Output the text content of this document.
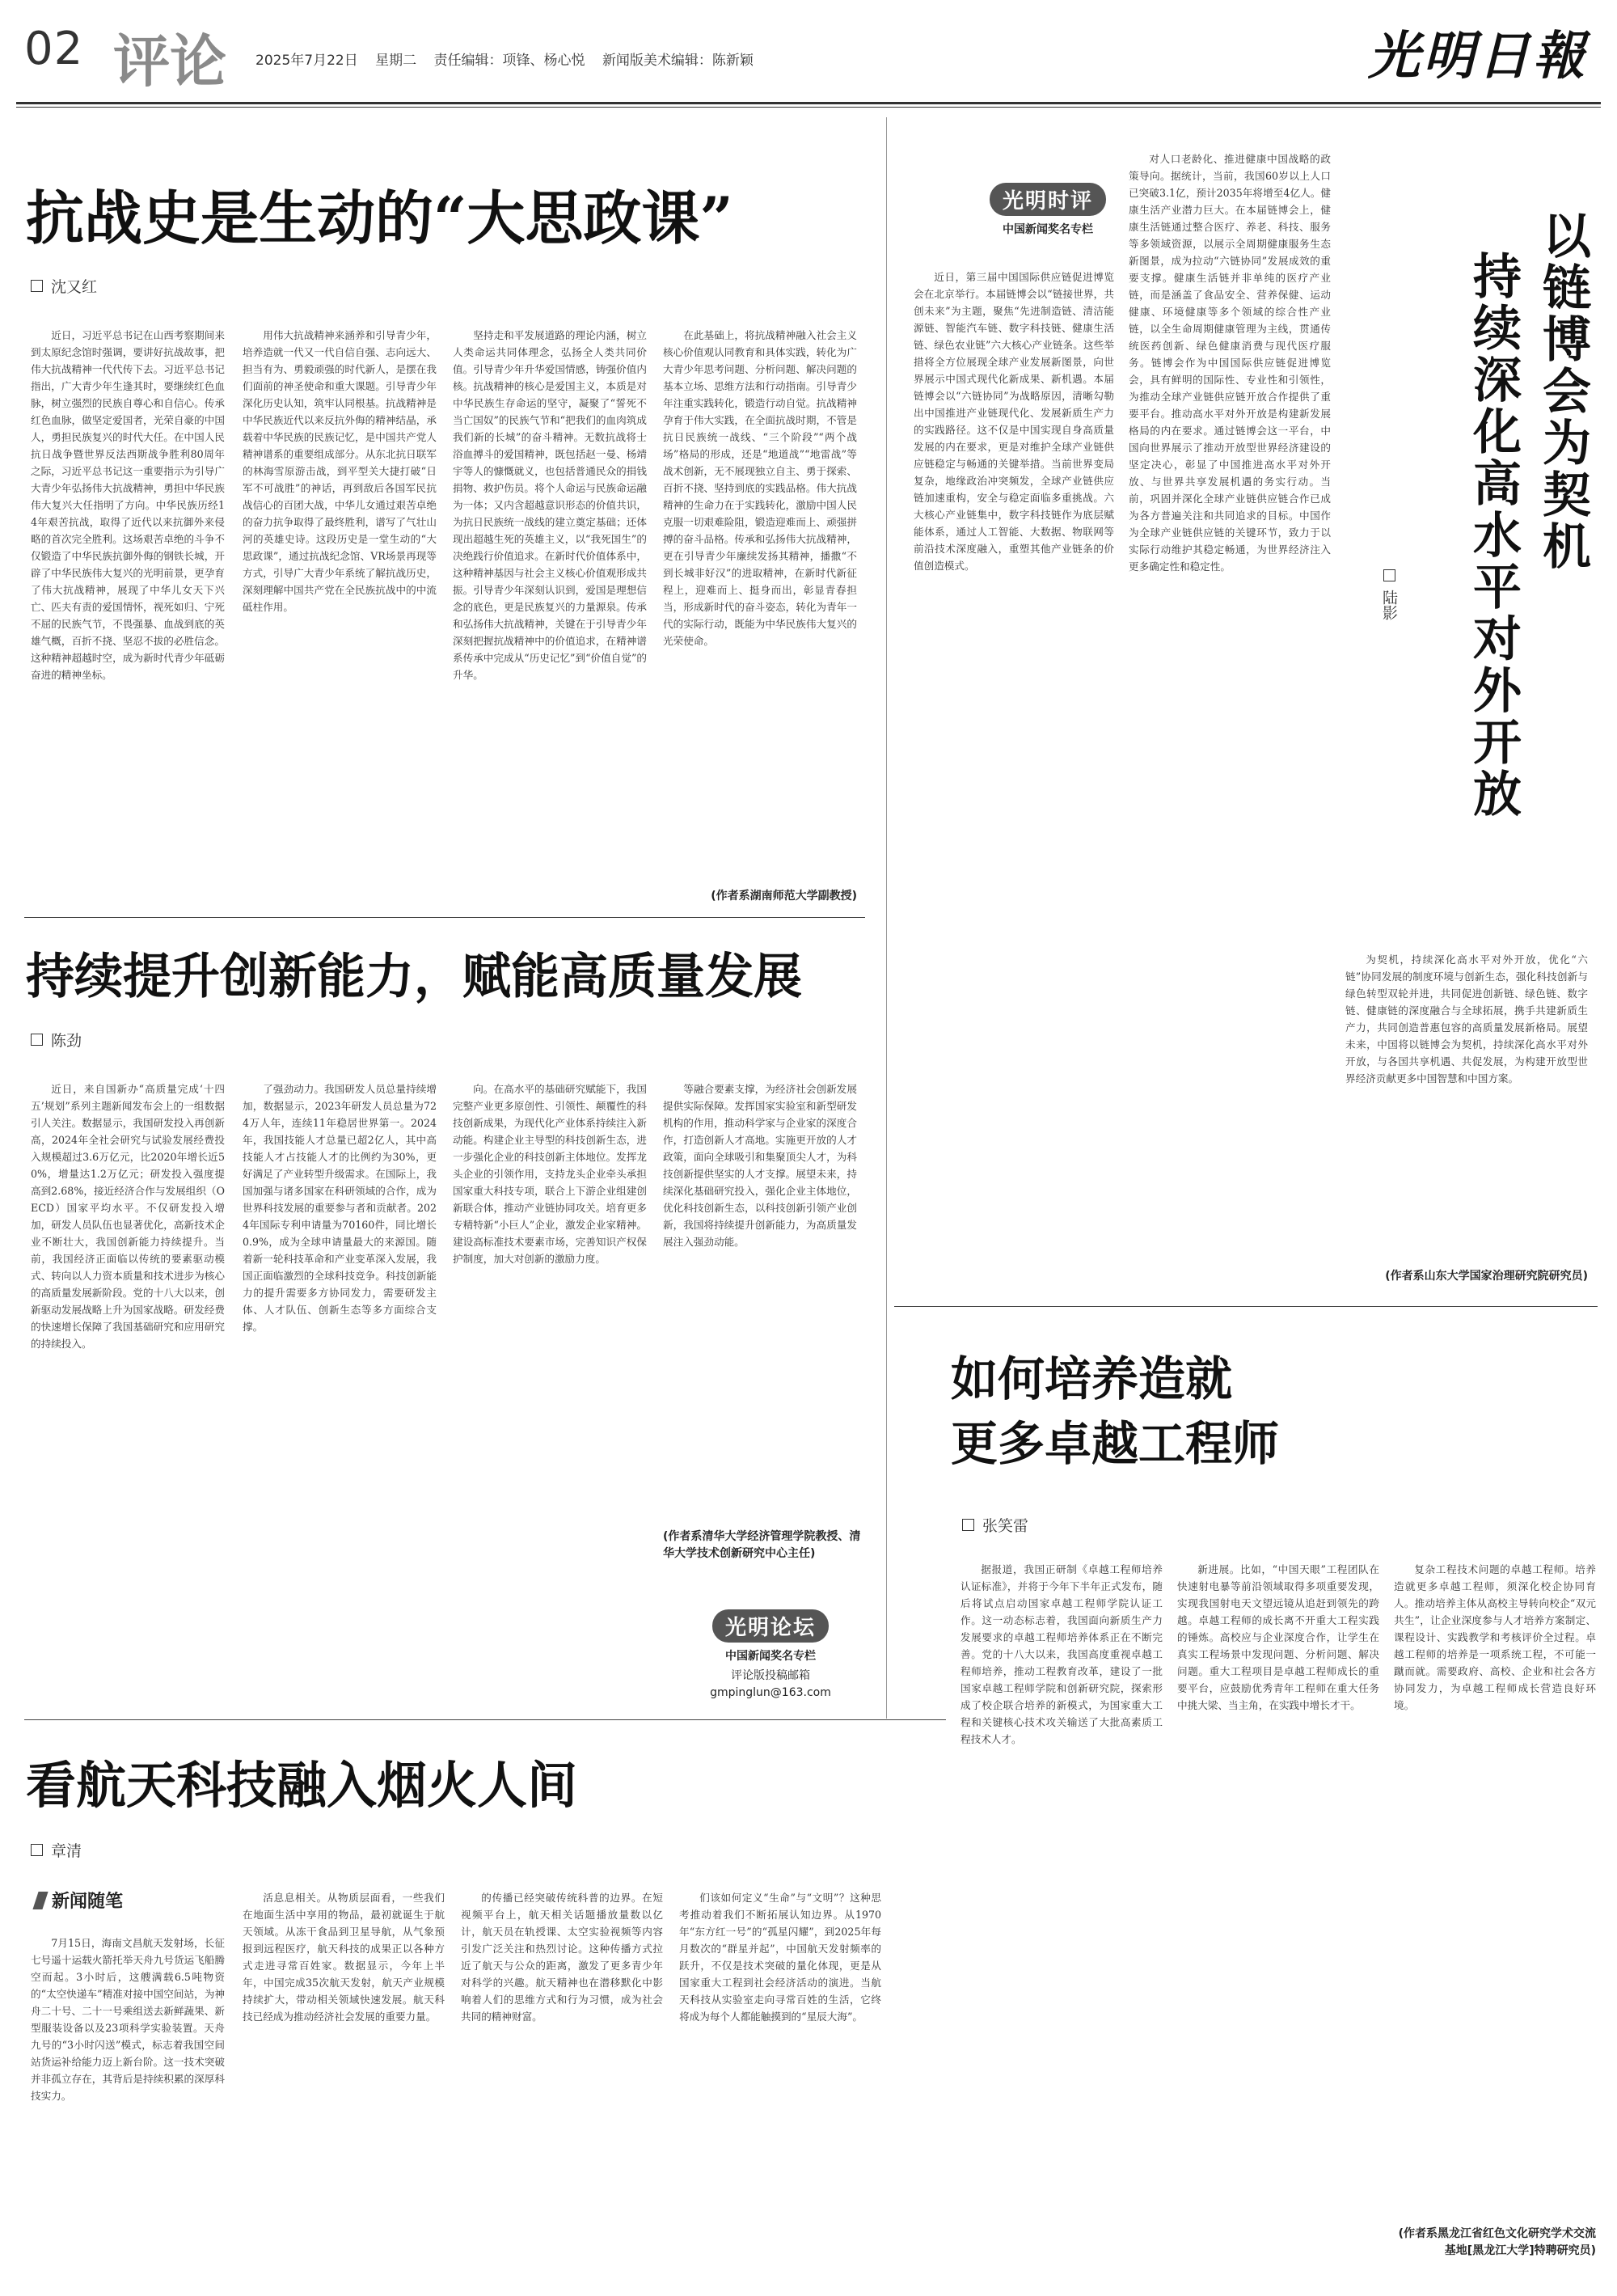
02 评论 2025年7月22日 星期二 责任编辑：项锋、杨心悦 新闻版美术编辑：陈新颖	光明日報
抗战史是生动的“大思政课”
沈又红

近日，习近平总书记在山西考察期间来到太原纪念馆时强调，要讲好抗战故事，把伟大抗战精神一代代传下去。习近平总书记指出，广大青少年生逢其时，要继续红色血脉，树立强烈的民族自尊心和自信心。传承红色血脉，做坚定爱国者，光荣自豪的中国人，勇担民族复兴的时代大任。在中国人民抗日战争暨世界反法西斯战争胜利80周年之际，习近平总书记这一重要指示为引导广大青少年弘扬伟大抗战精神，勇担中华民族伟大复兴大任指明了方向。中华民族历经14年艰苦抗战，取得了近代以来抗御外来侵略的首次完全胜利。这场艰苦卓绝的斗争不仅锻造了中华民族抗御外侮的钢铁长城，开辟了中华民族伟大复兴的光明前景，更孕育了伟大抗战精神，展现了中华儿女天下兴亡、匹夫有责的爱国情怀，视死如归、宁死不屈的民族气节，不畏强暴、血战到底的英雄气概，百折不挠、坚忍不拔的必胜信念。这种精神超越时空，成为新时代青少年砥砺奋进的精神坐标。

用伟大抗战精神来涵养和引导青少年，培养造就一代又一代自信自强、志向远大、担当有为、勇毅顽强的时代新人，是摆在我们面前的神圣使命和重大课题。引导青少年深化历史认知，筑牢认同根基。抗战精神是中华民族近代以来反抗外侮的精神结晶，承载着中华民族的民族记忆，是中国共产党人精神谱系的重要组成部分。从东北抗日联军的林海雪原游击战，到平型关大捷打破“日军不可战胜”的神话，再到敌后各国军民抗战信心的百团大战，中华儿女通过艰苦卓绝的奋力抗争取得了最终胜利，谱写了气壮山河的英雄史诗。这段历史是一堂生动的“大思政课”，通过抗战纪念馆、VR场景再现等方式，引导广大青少年系统了解抗战历史，深刻理解中国共产党在全民族抗战中的中流砥柱作用。

坚持走和平发展道路的理论内涵，树立人类命运共同体理念，弘扬全人类共同价值。引导青少年升华爱国情感，铸强价值内核。抗战精神的核心是爱国主义，本质是对中华民族生存命运的坚守，凝聚了“誓死不当亡国奴”的民族气节和“把我们的血肉筑成我们新的长城”的奋斗精神。无数抗战将士浴血搏斗的爱国精神，既包括赵一曼、杨靖宇等人的慷慨就义，也包括普通民众的捐钱捐物、救护伤员。将个人命运与民族命运融为一体；又内含超越意识形态的价值共识，为抗日民族统一战线的建立奠定基础；还体现出超越生死的英雄主义，以“我死国生”的决绝践行价值追求。在新时代价值体系中，这种精神基因与社会主义核心价值观形成共振。引导青少年深刻认识到，爱国是理想信念的底色，更是民族复兴的力量源泉。传承和弘扬伟大抗战精神，关键在于引导青少年深刻把握抗战精神中的价值追求，在精神谱系传承中完成从“历史记忆”到“价值自觉”的升华。

在此基础上，将抗战精神融入社会主义核心价值观认同教育和具体实践，转化为广大青少年思考问题、分析问题、解决问题的基本立场、思维方法和行动指南。引导青少年注重实践转化，锻造行动自觉。抗战精神孕育于伟大实践，在全面抗战时期，不管是抗日民族统一战线、“三个阶段”“两个战场”格局的形成，还是“地道战”“地雷战”等战术创新，无不展现独立自主、勇于探索、百折不挠、坚持到底的实践品格。伟大抗战精神的生命力在于实践转化，激励中国人民克服一切艰难险阻，锻造迎难而上、顽强拼搏的奋斗品格。传承和弘扬伟大抗战精神，更在引导青少年廉续发扬其精神，播撒“不到长城非好汉”的进取精神，在新时代新征程上，迎难而上、挺身而出，彰显青春担当，形成新时代的奋斗姿态，转化为青年一代的实际行动，既能为中华民族伟大复兴的光荣使命。

(作者系湖南师范大学副教授)
持续提升创新能力，赋能高质量发展
陈劲

近日，来自国新办“高质量完成‘十四五’规划”系列主题新闻发布会上的一组数据引人关注。数据显示，我国研发投入再创新高，2024年全社会研究与试验发展经费投入规模超过3.6万亿元，比2020年增长近50%，增量达1.2万亿元；研发投入强度提高到2.68%，接近经济合作与发展组织（OECD）国家平均水平。不仅研发投入增加，研发人员队伍也显著优化，高新技术企业不断壮大，我国创新能力持续提升。当前，我国经济正面临以传统的要素驱动模式、转向以人力资本质量和技术进步为核心的高质量发展新阶段。党的十八大以来，创新驱动发展战略上升为国家战略。研发经费的快速增长保障了我国基础研究和应用研究的持续投入。

了强劲动力。我国研发人员总量持续增加，数据显示，2023年研发人员总量为724万人年，连续11年稳居世界第一。2024年，我国技能人才总量已超2亿人，其中高技能人才占技能人才的比例约为30%，更好满足了产业转型升级需求。在国际上，我国加强与诸多国家在科研领域的合作，成为世界科技发展的重要参与者和贡献者。2024年国际专利申请量为70160件，同比增长0.9%，成为全球申请量最大的来源国。随着新一轮科技革命和产业变革深入发展，我国正面临激烈的全球科技竞争。科技创新能力的提升需要多方协同发力，需要研发主体、人才队伍、创新生态等多方面综合支撑。

向。在高水平的基础研究赋能下，我国完整产业更多原创性、引领性、颠覆性的科技创新成果，为现代化产业体系持续注入新动能。构建企业主导型的科技创新生态，进一步强化企业的科技创新主体地位。发挥龙头企业的引领作用，支持龙头企业牵头承担国家重大科技专项，联合上下游企业组建创新联合体，推动产业链协同攻关。培育更多专精特新“小巨人”企业，激发企业家精神。建设高标准技术要素市场，完善知识产权保护制度，加大对创新的激励力度。

等融合要素支撑，为经济社会创新发展提供实际保障。发挥国家实验室和新型研发机构的作用，推动科学家与企业家的深度合作，打造创新人才高地。实施更开放的人才政策，面向全球吸引和集聚顶尖人才，为科技创新提供坚实的人才支撑。展望未来，持续深化基础研究投入，强化企业主体地位，优化科技创新生态，以科技创新引领产业创新，我国将持续提升创新能力，为高质量发展注入强劲动能。

(作者系清华大学经济管理学院教授、清华大学技术创新研究中心主任)
光明论坛
中国新闻奖名专栏
评论版投稿邮箱
gmpinglun@163.com
看航天科技融入烟火人间
章清
新闻随笔

7月15日，海南文昌航天发射场，长征七号遥十运载火箭托举天舟九号货运飞船腾空而起。3小时后，这艘满载6.5吨物资的“太空快递车”精准对接中国空间站，为神舟二十号、二十一号乘组送去新鲜蔬果、新型服装设备以及23项科学实验装置。天舟九号的“3小时闪送”模式，标志着我国空间站货运补给能力迈上新台阶。这一技术突破并非孤立存在，其背后是持续积累的深厚科技实力。

活息息相关。从物质层面看，一些我们在地面生活中享用的物品，最初就诞生于航天领域。从冻干食品到卫星导航，从气象预报到远程医疗，航天科技的成果正以各种方式走进寻常百姓家。数据显示，今年上半年，中国完成35次航天发射，航天产业规模持续扩大，带动相关领域快速发展。航天科技已经成为推动经济社会发展的重要力量。

的传播已经突破传统科普的边界。在短视频平台上，航天相关话题播放量数以亿计，航天员在轨授课、太空实验视频等内容引发广泛关注和热烈讨论。这种传播方式拉近了航天与公众的距离，激发了更多青少年对科学的兴趣。航天精神也在潜移默化中影响着人们的思维方式和行为习惯，成为社会共同的精神财富。

们该如何定义“生命”与“文明”？这种思考推动着我们不断拓展认知边界。从1970年“东方红一号”的“孤星闪耀”，到2025年每月数次的“群星并起”，中国航天发射频率的跃升，不仅是技术突破的量化体现，更是从国家重大工程到社会经济活动的演进。当航天科技从实验室走向寻常百姓的生活，它终将成为每个人都能触摸到的“星辰大海”。

光明时评
中国新闻奖名专栏	以链博会为契机
持续深化高水平对外开放
陆影

近日，第三届中国国际供应链促进博览会在北京举行。本届链博会以“链接世界，共创未来”为主题，聚焦“先进制造链、清洁能源链、智能汽车链、数字科技链、健康生活链、绿色农业链”六大核心产业链条。这些举措将全方位展现全球产业发展新图景，向世界展示中国式现代化新成果、新机遇。本届链博会以“六链协同”为战略原因，清晰勾勒出中国推进产业链现代化、发展新质生产力的实践路径。这不仅是中国实现自身高质量发展的内在要求，更是对维护全球产业链供应链稳定与畅通的关键举措。当前世界变局复杂，地缘政治冲突频发，全球产业链供应链加速重构，安全与稳定面临多重挑战。六大核心产业链集中，数字科技链作为底层赋能体系，通过人工智能、大数据、物联网等前沿技术深度融入，重塑其他产业链条的价值创造模式。

对人口老龄化、推进健康中国战略的政策导向。据统计，当前，我国60岁以上人口已突破3.1亿，预计2035年将增至4亿人。健康生活产业潜力巨大。在本届链博会上，健康生活链通过整合医疗、养老、科技、服务等多领域资源，以展示全周期健康服务生态新图景，成为拉动“六链协同”发展成效的重要支撑。健康生活链并非单纯的医疗产业链，而是涵盖了食品安全、营养保健、运动健康、环境健康等多个领域的综合性产业链，以全生命周期健康管理为主线，贯通传统医药创新、绿色健康消费与现代医疗服务。链博会作为中国国际供应链促进博览会，具有鲜明的国际性、专业性和引领性，为推动全球产业链供应链开放合作提供了重要平台。推动高水平对外开放是构建新发展格局的内在要求。通过链博会这一平台，中国向世界展示了推动开放型世界经济建设的坚定决心，彰显了中国推进高水平对外开放、与世界共享发展机遇的务实行动。当前，巩固并深化全球产业链供应链合作已成为各方普遍关注和共同追求的目标。中国作为全球产业链供应链的关键环节，致力于以实际行动维护其稳定畅通，为世界经济注入更多确定性和稳定性。

为契机，持续深化高水平对外开放，优化“六链”协同发展的制度环境与创新生态，强化科技创新与绿色转型双轮并进，共同促进创新链、绿色链、数字链、健康链的深度融合与全球拓展，携手共建新质生产力，共同创造普惠包容的高质量发展新格局。展望未来，中国将以链博会为契机，持续深化高水平对外开放，与各国共享机遇、共促发展，为构建开放型世界经济贡献更多中国智慧和中国方案。

(作者系山东大学国家治理研究院研究员)
如何培养造就
更多卓越工程师
张笑雷

据报道，我国正研制《卓越工程师培养认证标准》，并将于今年下半年正式发布，随后将试点启动国家卓越工程师学院认证工作。这一动态标志着，我国面向新质生产力发展要求的卓越工程师培养体系正在不断完善。党的十八大以来，我国高度重视卓越工程师培养，推动工程教育改革，建设了一批国家卓越工程师学院和创新研究院，探索形成了校企联合培养的新模式，为国家重大工程和关键核心技术攻关输送了大批高素质工程技术人才。

新进展。比如，“中国天眼”工程团队在快速射电暴等前沿领域取得多项重要发现，实现我国射电天文望远镜从追赶到领先的跨越。卓越工程师的成长离不开重大工程实践的锤炼。高校应与企业深度合作，让学生在真实工程场景中发现问题、分析问题、解决问题。重大工程项目是卓越工程师成长的重要平台，应鼓励优秀青年工程师在重大任务中挑大梁、当主角，在实践中增长才干。

复杂工程技术问题的卓越工程师。培养造就更多卓越工程师，须深化校企协同育人。推动培养主体从高校主导转向校企“双元共生”，让企业深度参与人才培养方案制定、课程设计、实践教学和考核评价全过程。卓越工程师的培养是一项系统工程，不可能一蹴而就。需要政府、高校、企业和社会各方协同发力，为卓越工程师成长营造良好环境。

(作者系黑龙江省红色文化研究学术交流基地[黑龙江大学]特聘研究员)
